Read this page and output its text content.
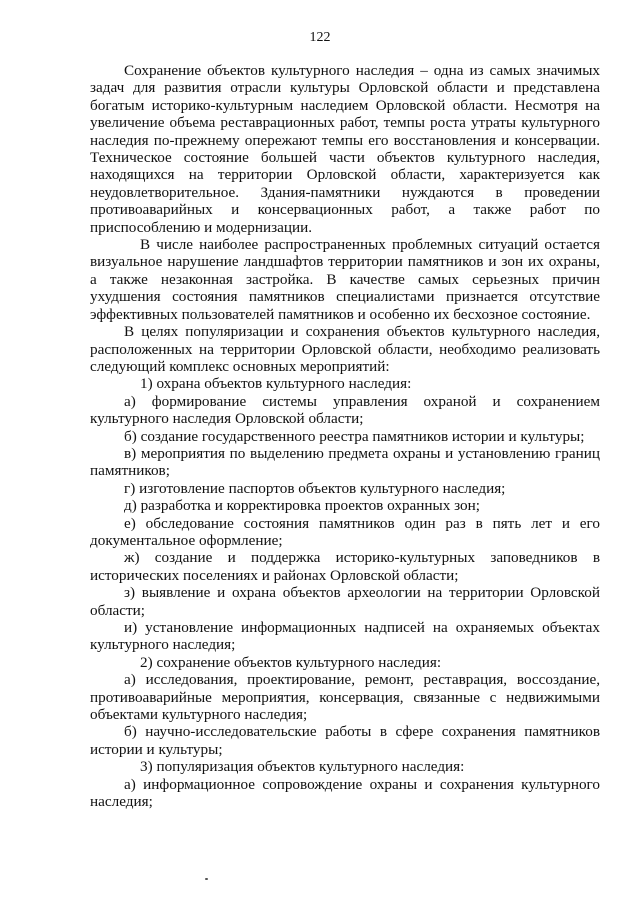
122

Сохранение объектов культурного наследия – одна из самых значимых задач для развития отрасли культуры Орловской области и представлена богатым историко-культурным наследием Орловской области. Несмотря на увеличение объема реставрационных работ, темпы роста утраты культурного наследия по-прежнему опережают темпы его восстановления и консервации. Техническое состояние большей части объектов культурного наследия, находящихся на территории Орловской области, характеризуется как неудовлетворительное. Здания-памятники нуждаются в проведении противоаварийных и консервационных работ, а также работ по приспособлению и модернизации.

В числе наиболее распространенных проблемных ситуаций остается визуальное нарушение ландшафтов территории памятников и зон их охраны, а также незаконная застройка. В качестве самых серьезных причин ухудшения состояния памятников специалистами признается отсутствие эффективных пользователей памятников и особенно их бесхозное состояние.

В целях популяризации и сохранения объектов культурного наследия, расположенных на территории Орловской области, необходимо реализовать следующий комплекс основных мероприятий:

1) охрана объектов культурного наследия:

а) формирование системы управления охраной и сохранением культурного наследия Орловской области;

б) создание государственного реестра памятников истории и культуры;

в) мероприятия по выделению предмета охраны и установлению границ памятников;

г) изготовление паспортов объектов культурного наследия;

д) разработка и корректировка проектов охранных зон;

е) обследование состояния памятников один раз в пять лет и его документальное оформление;

ж) создание и поддержка историко-культурных заповедников в исторических поселениях и районах Орловской области;

з) выявление и охрана объектов археологии на территории Орловской области;

и) установление информационных надписей на охраняемых объектах культурного наследия;

2) сохранение объектов культурного наследия:

а) исследования, проектирование, ремонт, реставрация, воссоздание, противоаварийные мероприятия, консервация, связанные с недвижимыми объектами культурного наследия;

б) научно-исследовательские работы в сфере сохранения памятников истории и культуры;

3) популяризация объектов культурного наследия:

а) информационное сопровождение охраны и сохранения культурного наследия;
